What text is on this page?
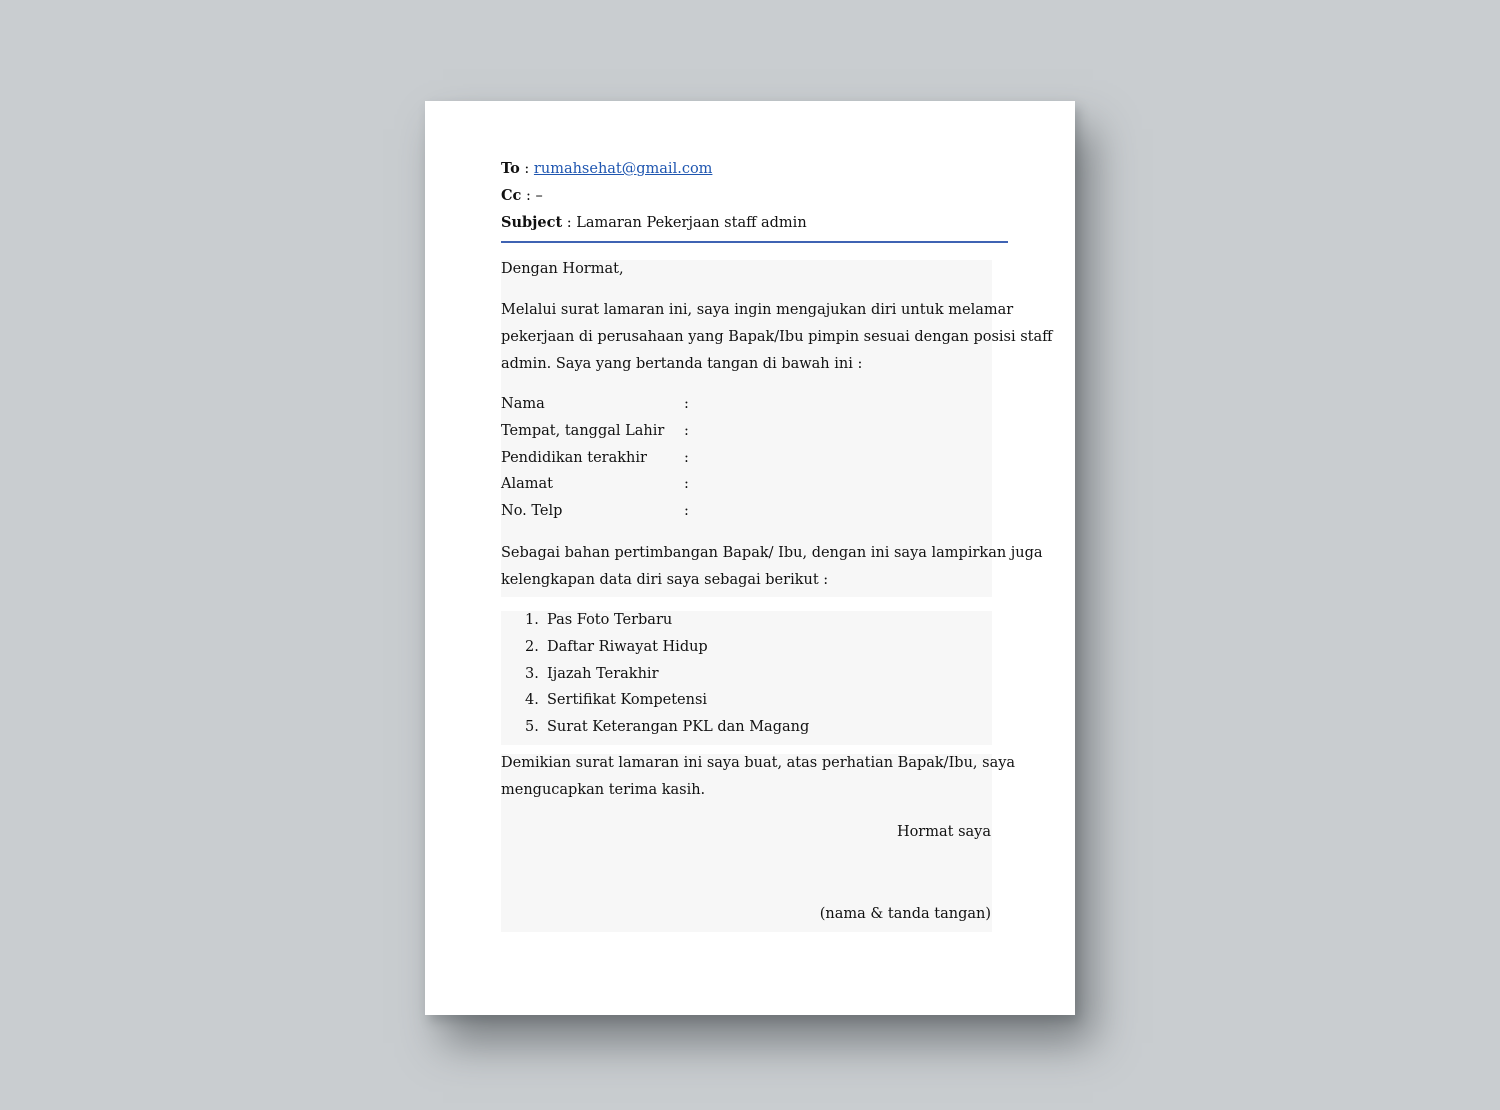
To : rumahsehat@gmail.com
Cc : –
Subject : Lamaran Pekerjaan staff admin
Dengan Hormat,
Melalui surat lamaran ini, saya ingin mengajukan diri untuk melamar
pekerjaan di perusahaan yang Bapak/Ibu pimpin sesuai dengan posisi staff
admin. Saya yang bertanda tangan di bawah ini :
Nama	:
Tempat, tanggal Lahir	:
Pendidikan terakhir	:
Alamat	:
No. Telp	:
Sebagai bahan pertimbangan Bapak/ Ibu, dengan ini saya lampirkan juga
kelengkapan data diri saya sebagai berikut :
1. Pas Foto Terbaru
2. Daftar Riwayat Hidup
3. Ijazah Terakhir
4. Sertifikat Kompetensi
5. Surat Keterangan PKL dan Magang
Demikian surat lamaran ini saya buat, atas perhatian Bapak/Ibu, saya
mengucapkan terima kasih.
Hormat saya
(nama & tanda tangan)
